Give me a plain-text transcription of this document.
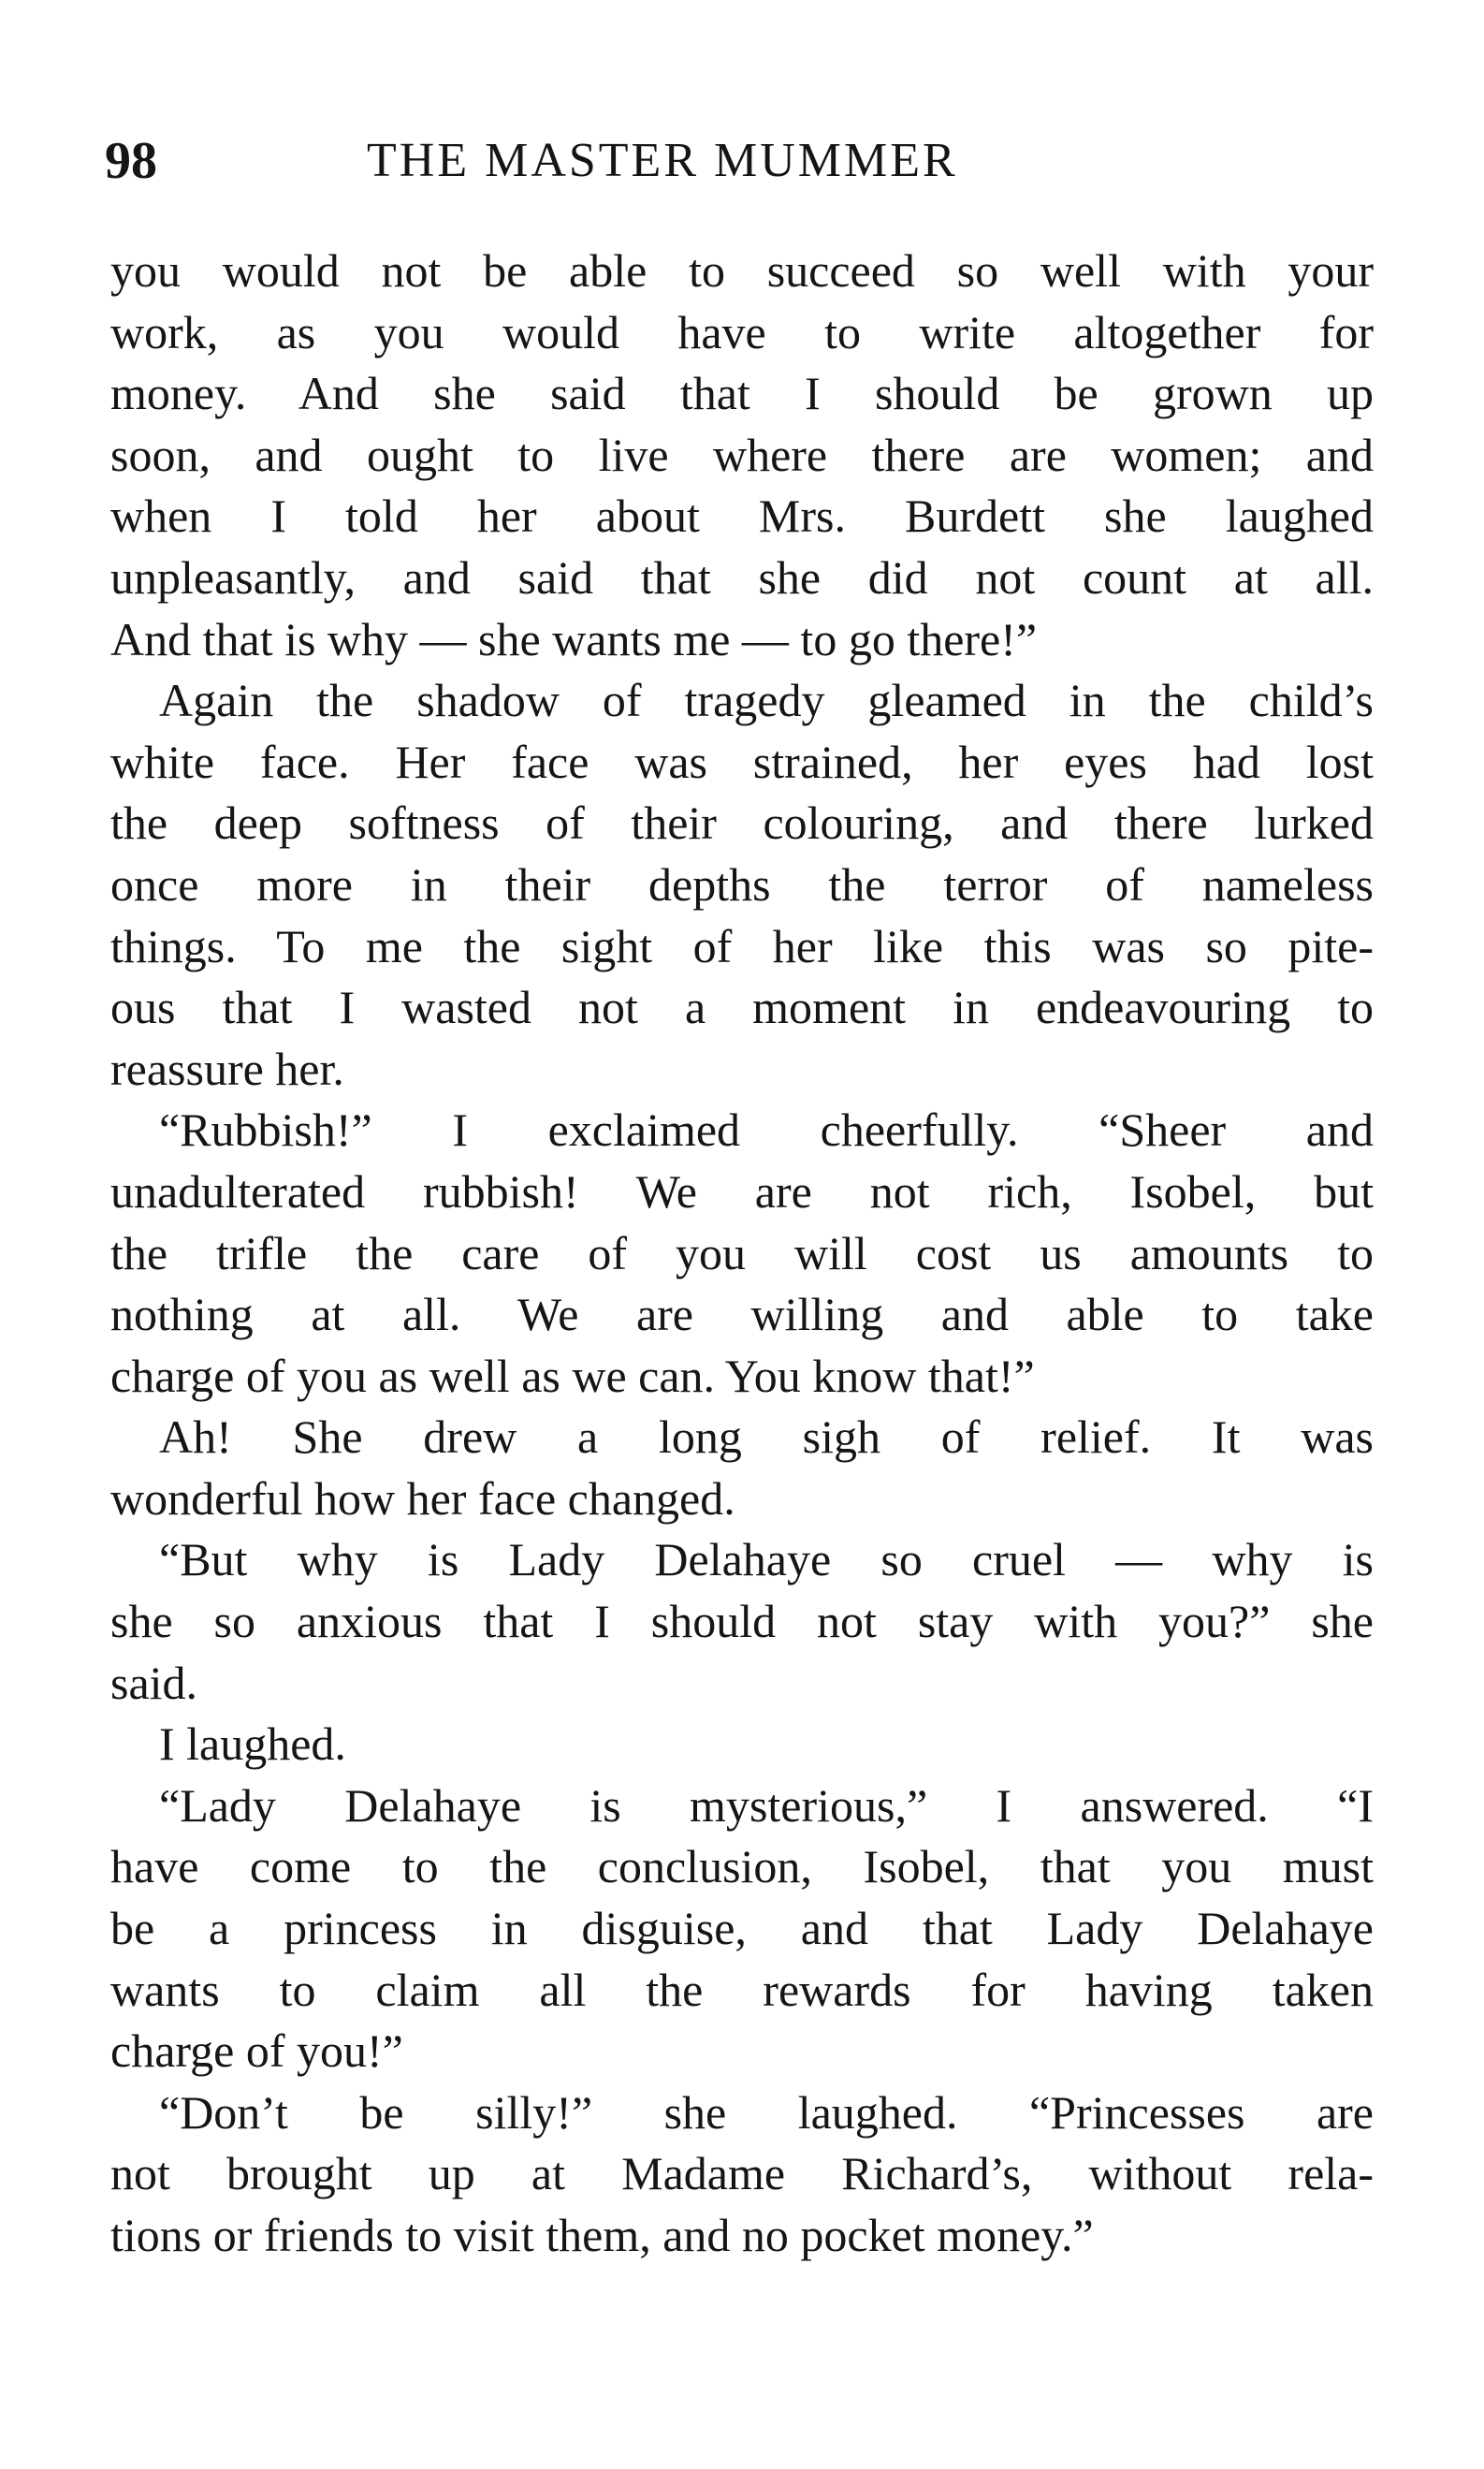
98	THE MASTER MUMMER
you would not be able to succeed so well with your
work, as you would have to write altogether for
money. And she said that I should be grown up
soon, and ought to live where there are women; and
when I told her about Mrs. Burdett she laughed
unpleasantly, and said that she did not count at all.
And that is why — she wants me — to go there!”
Again the shadow of tragedy gleamed in the child’s
white face. Her face was strained, her eyes had lost
the deep softness of their colouring, and there lurked
once more in their depths the terror of nameless
things. To me the sight of her like this was so pite-
ous that I wasted not a moment in endeavouring to
reassure her.
“Rubbish!” I exclaimed cheerfully. “Sheer and
unadulterated rubbish! We are not rich, Isobel, but
the trifle the care of you will cost us amounts to
nothing at all. We are willing and able to take
charge of you as well as we can. You know that!”
Ah! She drew a long sigh of relief. It was
wonderful how her face changed.
“But why is Lady Delahaye so cruel — why is
she so anxious that I should not stay with you?” she
said.
I laughed.
“Lady Delahaye is mysterious,” I answered. “I
have come to the conclusion, Isobel, that you must
be a princess in disguise, and that Lady Delahaye
wants to claim all the rewards for having taken
charge of you!”
“Don’t be silly!” she laughed. “Princesses are
not brought up at Madame Richard’s, without rela-
tions or friends to visit them, and no pocket money.”
